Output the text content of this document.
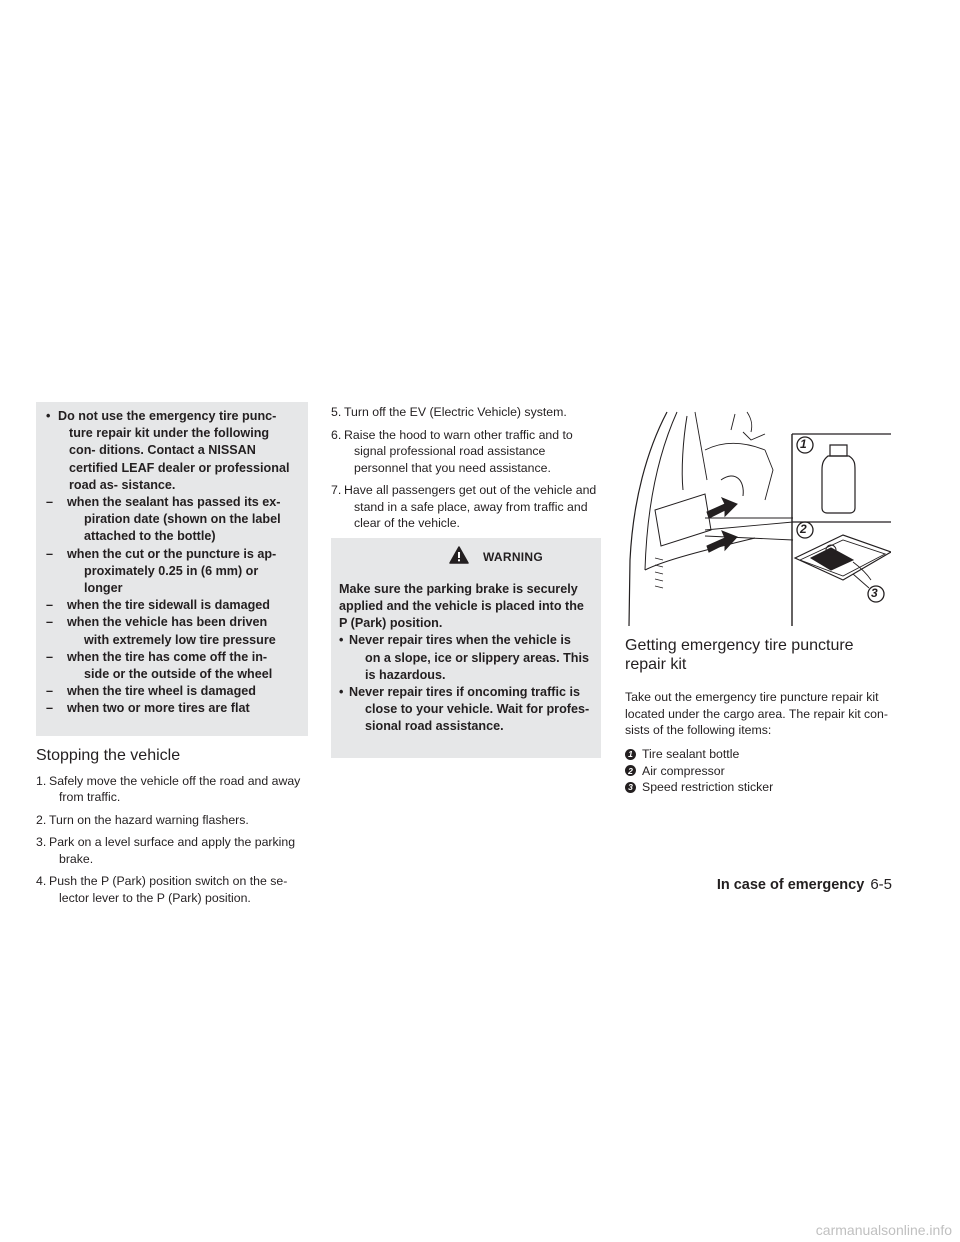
• Do not use the emergency tire punc-
ture repair kit under the following con- ditions. Contact a NISSAN certified LEAF dealer or professional road as- sistance.
– when the sealant has passed its ex-
piration date (shown on the label attached to the bottle)
– when the cut or the puncture is ap-
proximately 0.25 in (6 mm) or longer
– when the tire sidewall is damaged
– when the vehicle has been driven
with extremely low tire pressure
– when the tire has come off the in-
side or the outside of the wheel
– when the tire wheel is damaged
– when two or more tires are flat
Stopping the vehicle
1. Safely move the vehicle off the road and away
from traffic.
2. Turn on the hazard warning flashers.
3. Park on a level surface and apply the parking
brake.
4. Push the P (Park) position switch on the se-
lector lever to the P (Park) position.
5. Turn off the EV (Electric Vehicle) system.
6. Raise the hood to warn other traffic and to
signal professional road assistance personnel that you need assistance.
7. Have all passengers get out of the vehicle and
stand in a safe place, away from traffic and clear of the vehicle.
WARNING
Make sure the parking brake is securely applied and the vehicle is placed into the P (Park) position.
• Never repair tires when the vehicle is
on a slope, ice or slippery areas. This is hazardous.
• Never repair tires if oncoming traffic is
close to your vehicle. Wait for profes- sional road assistance.
1
2
3
Getting emergency tire puncture repair kit

Take out the emergency tire puncture repair kit located under the cargo area. The repair kit con- sists of the following items:

1 Tire sealant bottle
2 Air compressor
3 Speed restriction sticker
In case of emergency 6-5
carmanualsonline.info
